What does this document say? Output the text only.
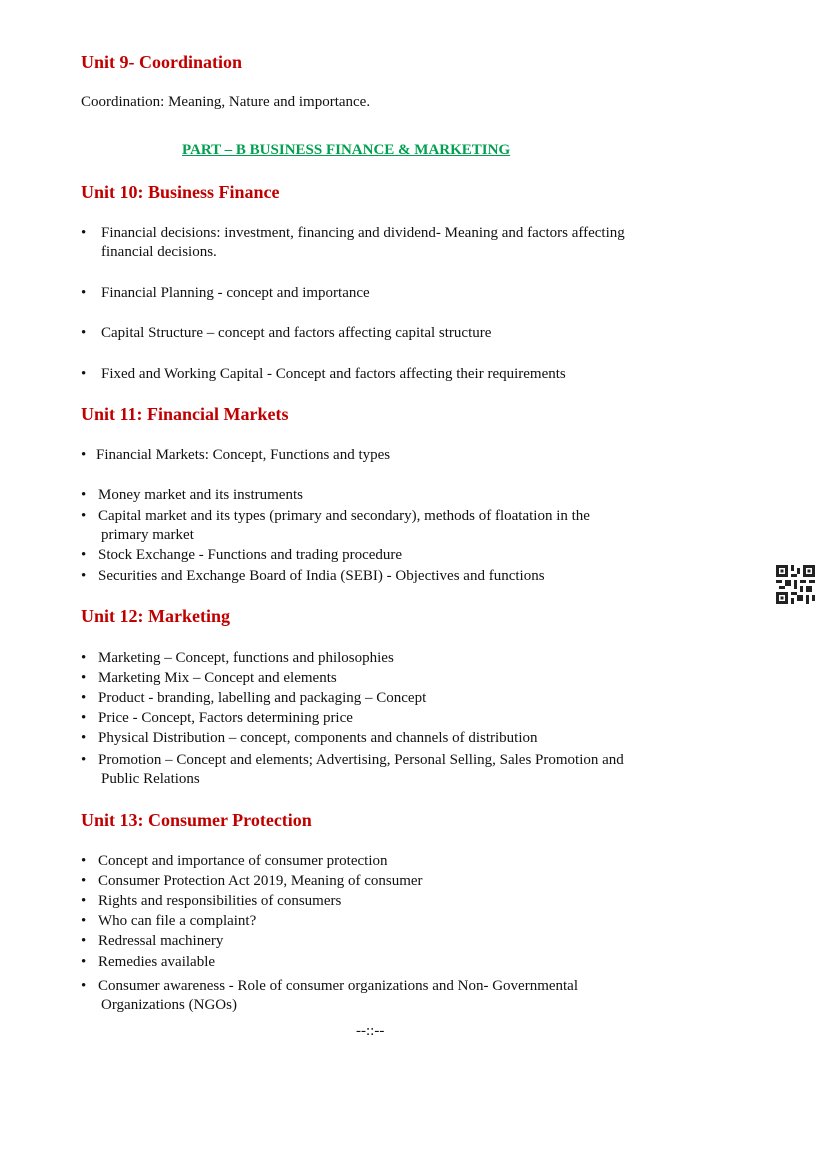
Unit 9- Coordination
Coordination: Meaning, Nature and importance.
PART – B BUSINESS FINANCE & MARKETING
Unit 10: Business Finance
• Financial decisions: investment, financing and dividend- Meaning and factors affecting
financial decisions.
• Financial Planning - concept and importance
• Capital Structure – concept and factors affecting capital structure
• Fixed and Working Capital - Concept and factors affecting their requirements
Unit 11: Financial Markets
• Financial Markets: Concept, Functions and types
• Money market and its instruments
• Capital market and its types (primary and secondary), methods of floatation in the
primary market
• Stock Exchange - Functions and trading procedure
• Securities and Exchange Board of India (SEBI) - Objectives and functions
Unit 12: Marketing
• Marketing – Concept, functions and philosophies
• Marketing Mix – Concept and elements
• Product - branding, labelling and packaging – Concept
• Price - Concept, Factors determining price
• Physical Distribution – concept, components and channels of distribution
• Promotion – Concept and elements; Advertising, Personal Selling, Sales Promotion and
Public Relations
Unit 13: Consumer Protection
• Concept and importance of consumer protection
• Consumer Protection Act 2019, Meaning of consumer
• Rights and responsibilities of consumers
• Who can file a complaint?
• Redressal machinery
• Remedies available
• Consumer awareness - Role of consumer organizations and Non- Governmental
Organizations (NGOs)
--::--
